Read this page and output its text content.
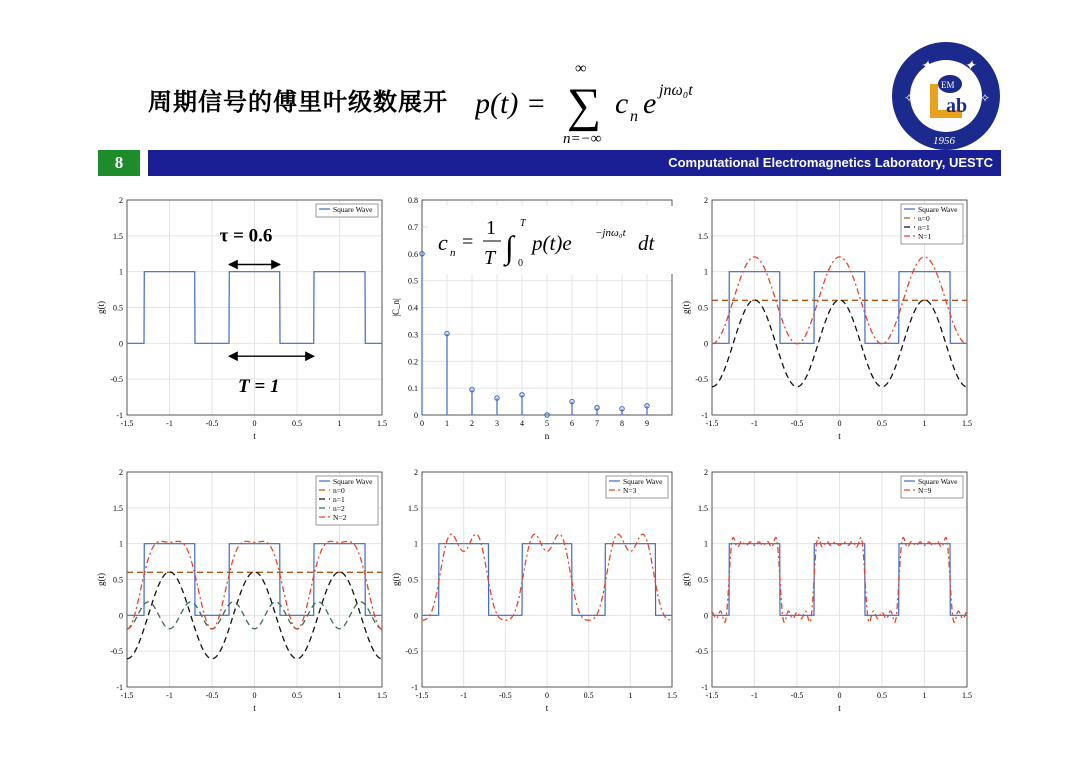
周期信号的傅里叶级数展开 p(t) = ∑
∞
n=−∞
c n e jnω₀t
✦ ✦
✧	✧
EM
ab
1956
8	Computational Electromagnetics Laboratory, UESTC
-1.5	-1	-0.5	0	0.5	1	1.5
-1
-0.5
0
0.5
1
1.5
2
t
g(t)
Square Wave
τ = 0.6
T = 1
0	1	2	3	4	5	6	7	8	9
0
0.1
0.2
0.3
0.4
0.5
0.6
0.7
0.8
n
|C_n|
c n =
1
T ∫
T
0
p(t)e −jnω₀t dt
-1.5	-1	-0.5	0	0.5	1	1.5
-1
-0.5
0
0.5
1
1.5
2
t
g(t)
Square Wave
n=0
n=1
N=1
-1.5	-1	-0.5	0	0.5	1	1.5
-1
-0.5
0
0.5
1
1.5
2
t
g(t)
Square Wave
n=0
n=1
n=2
N=2
-1.5	-1	-0.5	0	0.5	1	1.5
-1
-0.5
0
0.5
1
1.5
2
t
g(t)
Square Wave
N=3
-1.5	-1	-0.5	0	0.5	1	1.5
-1
-0.5
0
0.5
1
1.5
2
t
g(t)
Square Wave
N=9
